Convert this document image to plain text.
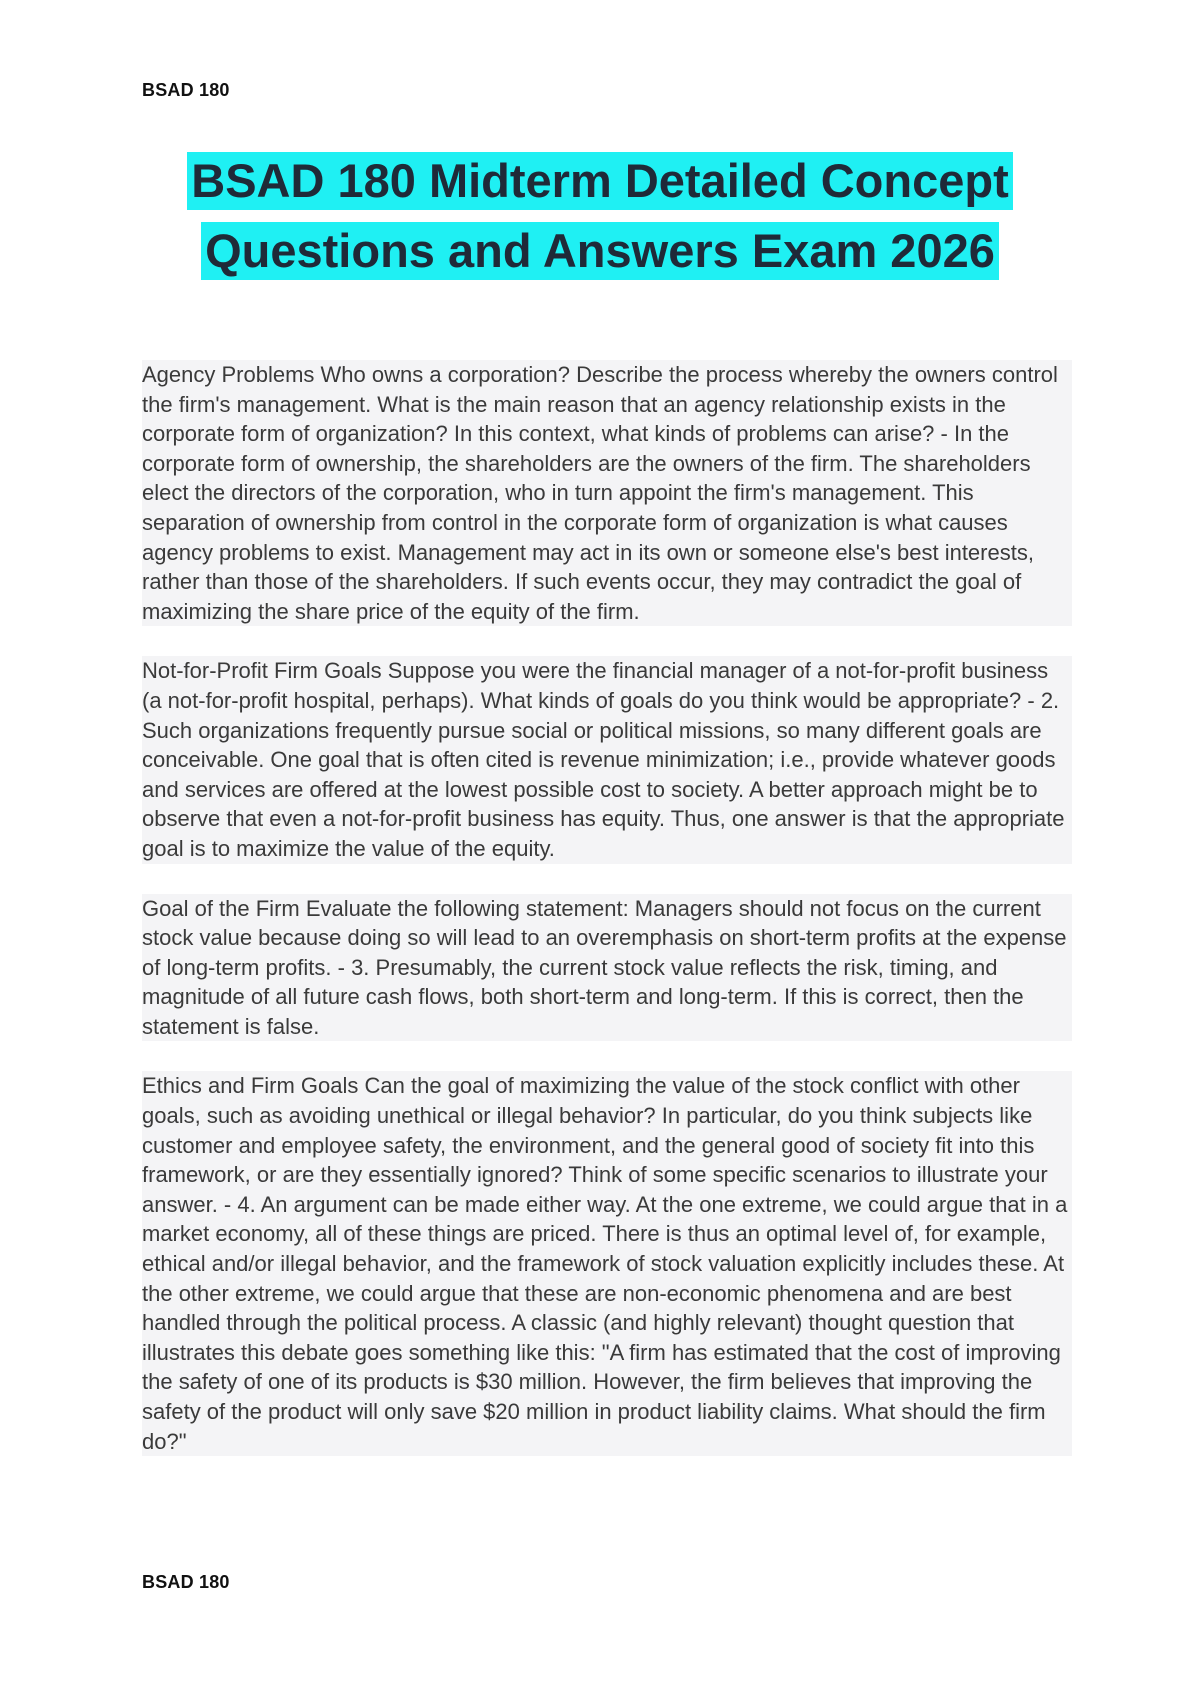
BSAD 180
BSAD 180 Midterm Detailed Concept
Questions and Answers Exam 2026

Agency Problems Who owns a corporation? Describe the process whereby the owners control the firm's management. What is the main reason that an agency relationship exists in the corporate form of organization? In this context, what kinds of problems can arise? - In the corporate form of ownership, the shareholders are the owners of the firm. The shareholders elect the directors of the corporation, who in turn appoint the firm's management. This separation of ownership from control in the corporate form of organization is what causes agency problems to exist. Management may act in its own or someone else's best interests, rather than those of the shareholders. If such events occur, they may contradict the goal of maximizing the share price of the equity of the firm.

Not-for-Profit Firm Goals Suppose you were the financial manager of a not-for-profit business (a not-for-profit hospital, perhaps). What kinds of goals do you think would be appropriate? - 2. Such organizations frequently pursue social or political missions, so many different goals are conceivable. One goal that is often cited is revenue minimization; i.e., provide whatever goods and services are offered at the lowest possible cost to society. A better approach might be to observe that even a not-for-profit business has equity. Thus, one answer is that the appropriate goal is to maximize the value of the equity.

Goal of the Firm Evaluate the following statement: Managers should not focus on the current stock value because doing so will lead to an overemphasis on short-term profits at the expense of long-term profits. - 3. Presumably, the current stock value reflects the risk, timing, and magnitude of all future cash flows, both short-term and long-term. If this is correct, then the statement is false.

Ethics and Firm Goals Can the goal of maximizing the value of the stock conflict with other goals, such as avoiding unethical or illegal behavior? In particular, do you think subjects like customer and employee safety, the environment, and the general good of society fit into this framework, or are they essentially ignored? Think of some specific scenarios to illustrate your answer. - 4. An argument can be made either way. At the one extreme, we could argue that in a market economy, all of these things are priced. There is thus an optimal level of, for example, ethical and/or illegal behavior, and the framework of stock valuation explicitly includes these. At the other extreme, we could argue that these are non-economic phenomena and are best handled through the political process. A classic (and highly relevant) thought question that illustrates this debate goes something like this: "A firm has estimated that the cost of improving the safety of one of its products is $30 million. However, the firm believes that improving the safety of the product will only save $20 million in product liability claims. What should the firm do?"

BSAD 180
